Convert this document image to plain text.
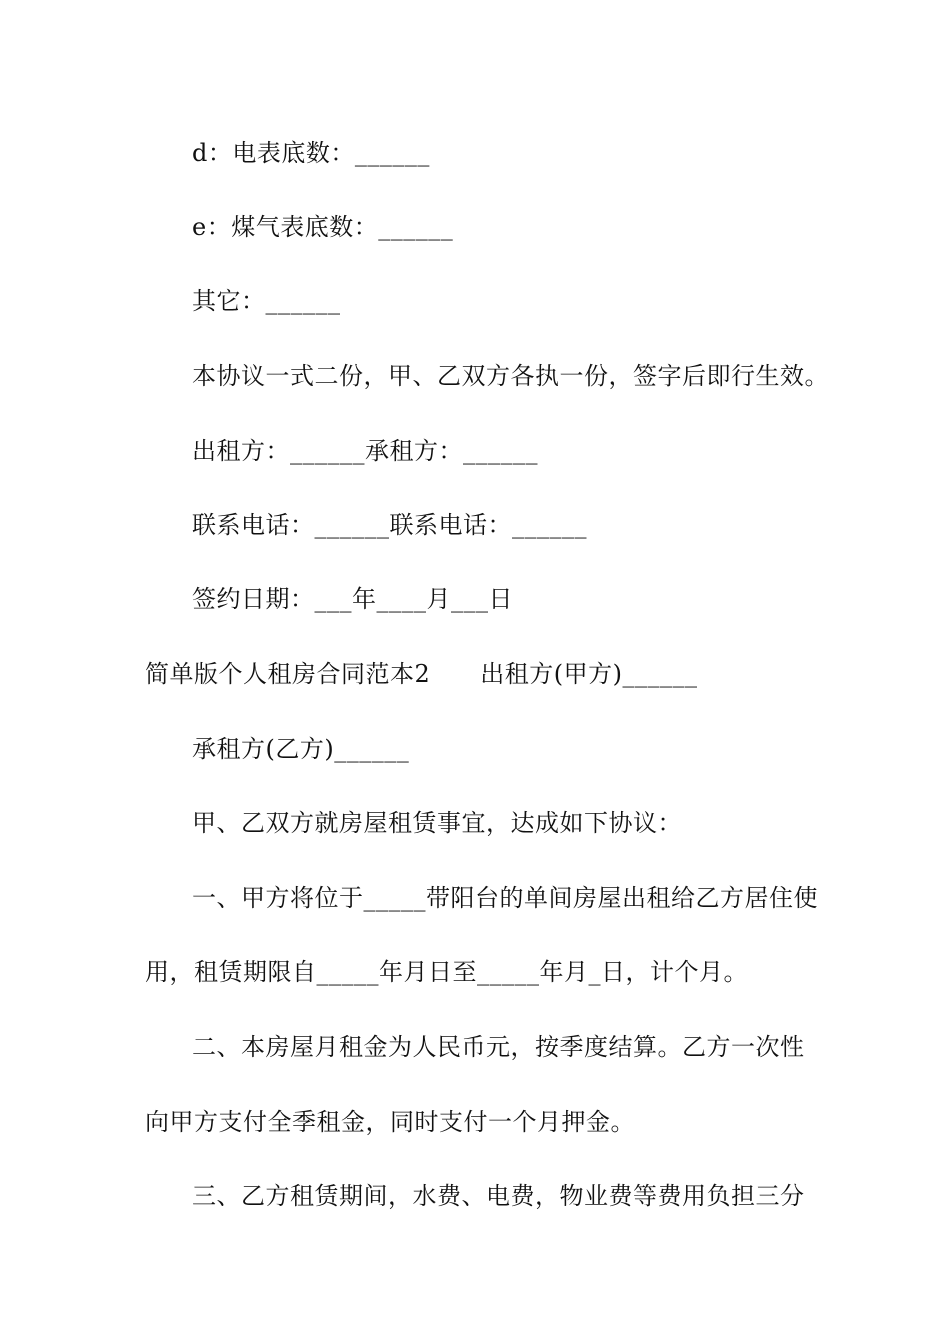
d：电表底数：______
e：煤气表底数：______
其它：______
本协议一式二份，甲、乙双方各执一份，签字后即行生效。
出租方：______承租方：______
联系电话：______联系电话：______
签约日期：___年____月___日
简单版个人租房合同范本2 出租方(甲方)______
承租方(乙方)______
甲、乙双方就房屋租赁事宜，达成如下协议：
一、甲方将位于_____带阳台的单间房屋出租给乙方居住使
用，租赁期限自_____年月日至_____年月_日，计个月。
二、本房屋月租金为人民币元，按季度结算。乙方一次性
向甲方支付全季租金，同时支付一个月押金。
三、乙方租赁期间，水费、电费，物业费等费用负担三分
